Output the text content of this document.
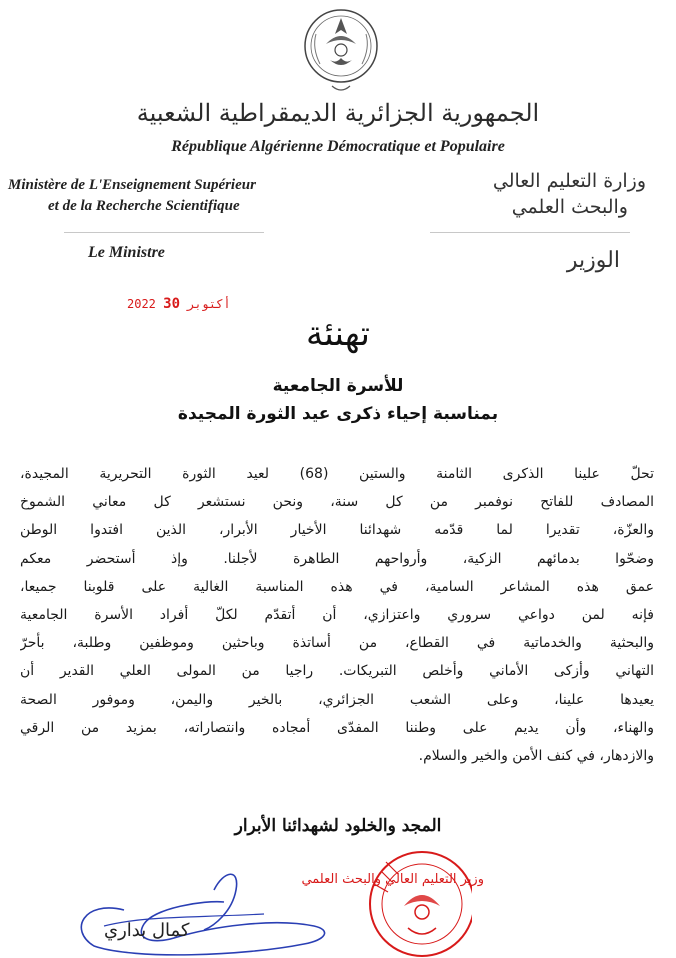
الجمهورية الجزائرية الديمقراطية الشعبية
République Algérienne Démocratique et Populaire
Ministère de L'Enseignement Supérieur
et de la Recherche Scientifique
وزارة التعليم العالي
والبحث العلمي
Le Ministre	الوزير
2022	أكتوبر 30
تهنئة
للأسرة الجامعية
بمناسبة إحياء ذكرى عيد الثورة المجيدة
تحلّ علينا الذكرى الثامنة والستين (68) لعيد الثورة التحريرية المجيدة،
المصادف للفاتح نوفمبر من كل سنة، ونحن نستشعر كل معاني الشموخ
والعزّة، تقديرا لما قدّمه شهدائنا الأخيار الأبرار، الذين افتدوا الوطن
وضحّوا بدمائهم الزكية، وأرواحهم الطاهرة لأجلنا. وإذ أستحضر معكم
عمق هذه المشاعر السامية، في هذه المناسبة الغالية على قلوبنا جميعا،
فإنه لمن دواعي سروري واعتزازي، أن أتقدّم لكلّ أفراد الأسرة الجامعية
والبحثية والخدماتية في القطاع، من أساتذة وباحثين وموظفين وطلبة، بأحرّ
التهاني وأزكى الأماني وأخلص التبريكات. راجيا من المولى العلي القدير أن
يعيدها علينا، وعلى الشعب الجزائري، بالخير واليمن، وموفور الصحة
والهناء، وأن يديم على وطننا المفدّى أمجاده وانتصاراته، بمزيد من الرقي
والازدهار، في كنف الأمن والخير والسلام.
المجد والخلود لشهدائنا الأبرار
وزير التعليم العالي والبحث العلمي
كمال بداري
